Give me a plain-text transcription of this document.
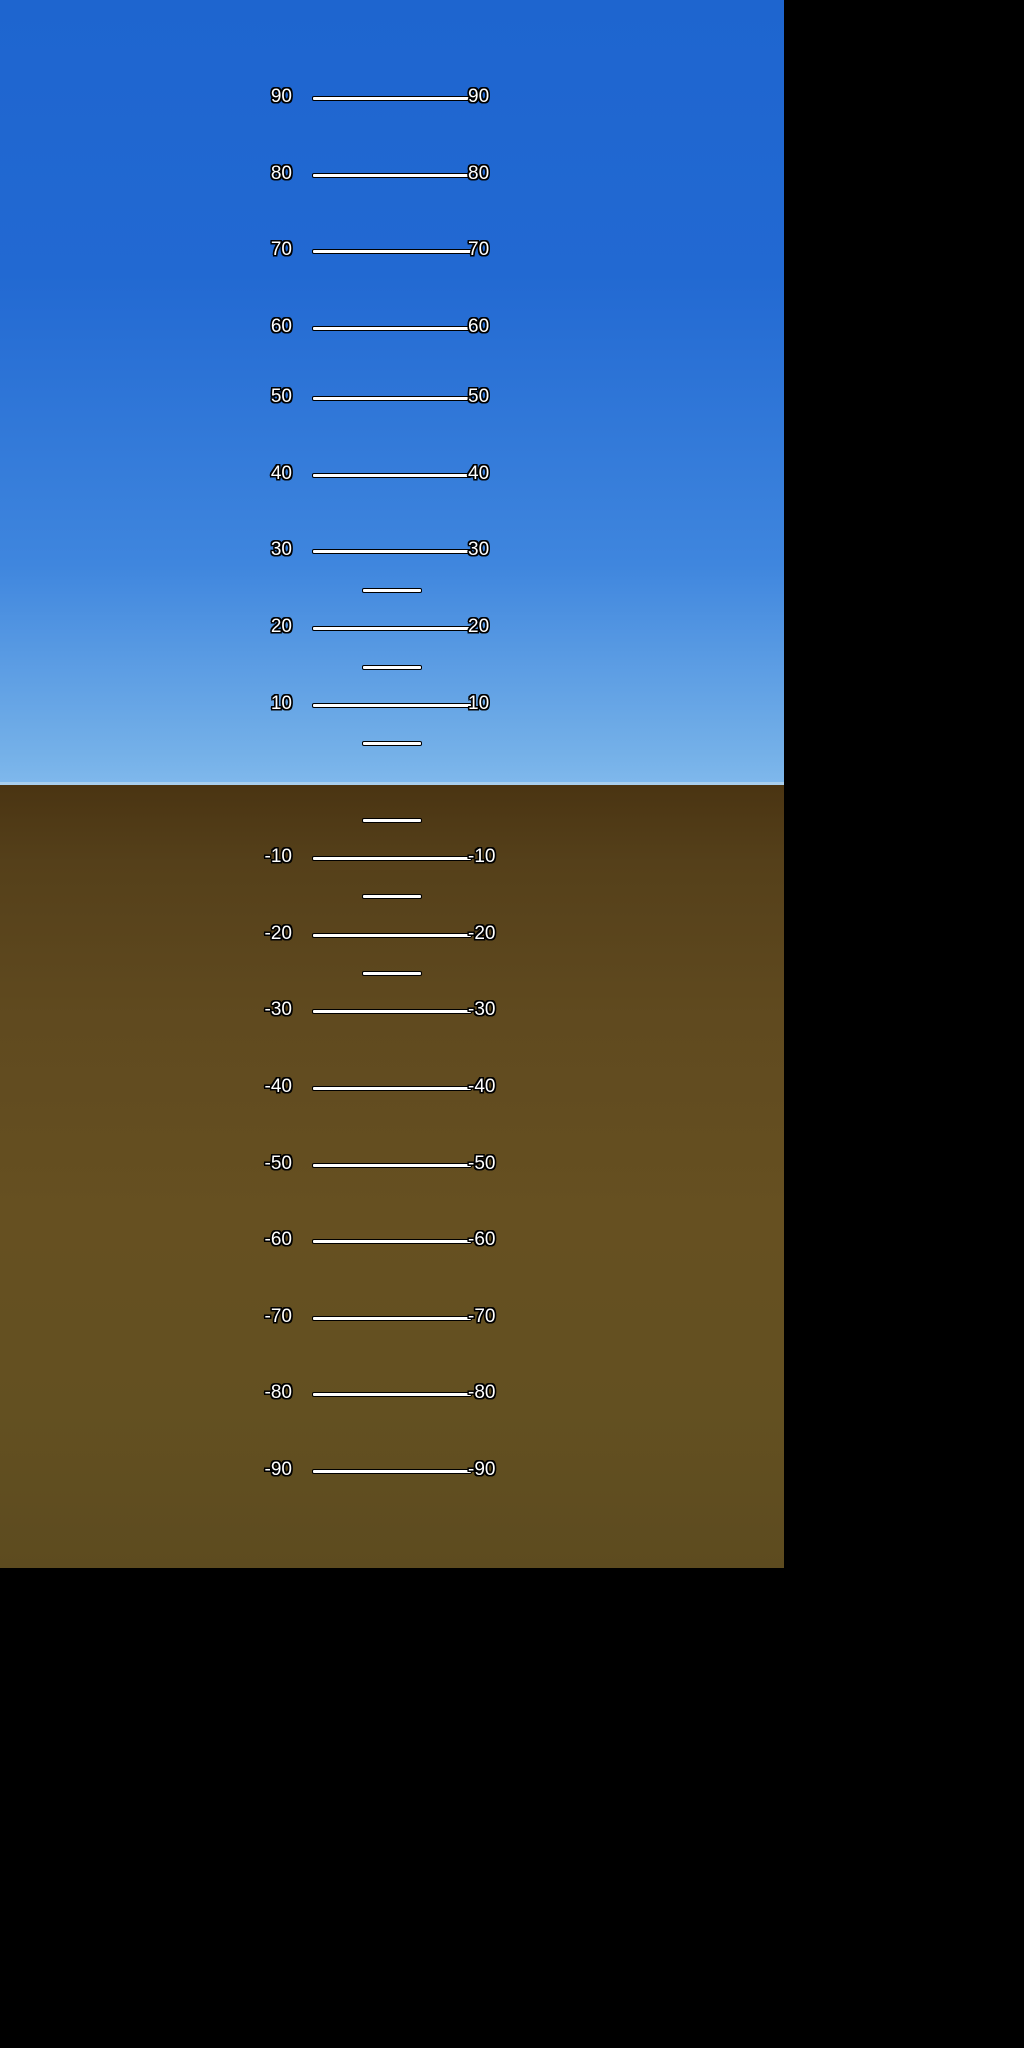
90	90
80	80
70	70
60	60
50	50
40	40
30	30
20	20
10	10
-10	-10
-20	-20
-30	-30
-40	-40
-50	-50
-60	-60
-70	-70
-80	-80
-90	-90
